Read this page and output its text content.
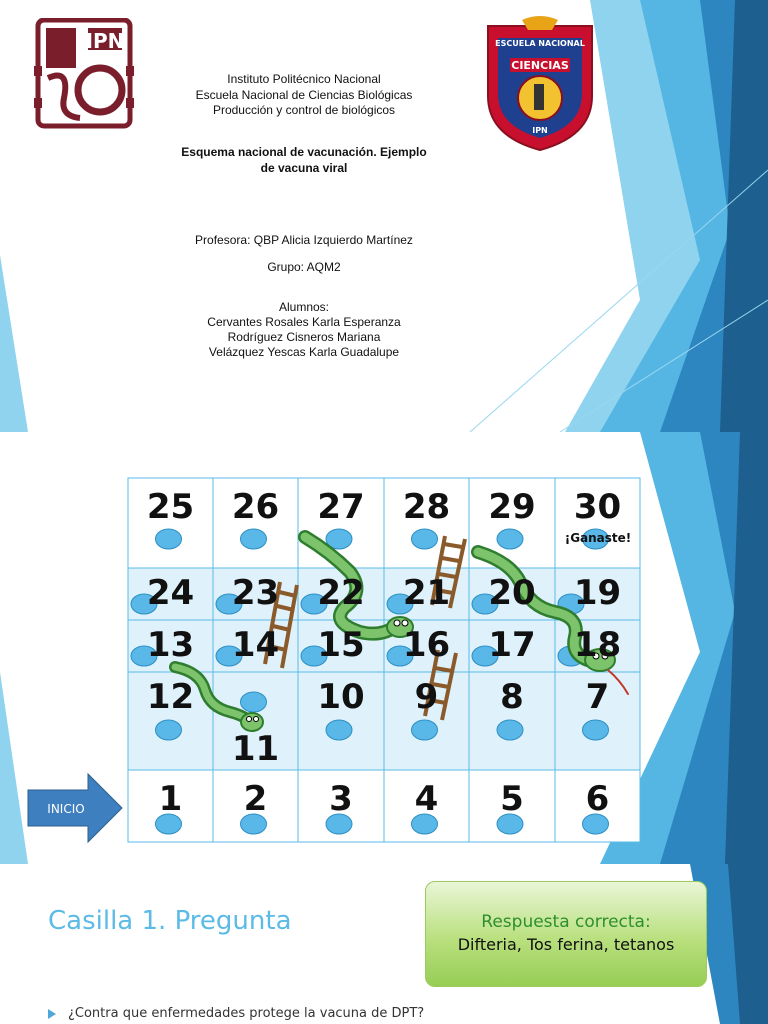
IPN	ESCUELA NACIONAL
CIENCIAS
IPN
Instituto Politécnico Nacional
Escuela Nacional de Ciencias Biológicas
Producción y control de biológicos
Esquema nacional de vacunación. Ejemplo
de vacuna viral
Profesora: QBP Alicia Izquierdo Martínez
Grupo: AQM2
Alumnos:
Cervantes Rosales Karla Esperanza
Rodríguez Cisneros Mariana
Velázquez Yescas Karla Guadalupe
25 26 27 28 29 30
24 23 22 21 20 19
13 14 15 16 17 18
12
11
10 9 8 7
1 2 3 4 5 6
INICIO
¡Ganaste!
Casilla 1. Pregunta	Respuesta correcta:
Difteria, Tos ferina, tetanos
¿Contra que enfermedades protege la vacuna de DPT?
